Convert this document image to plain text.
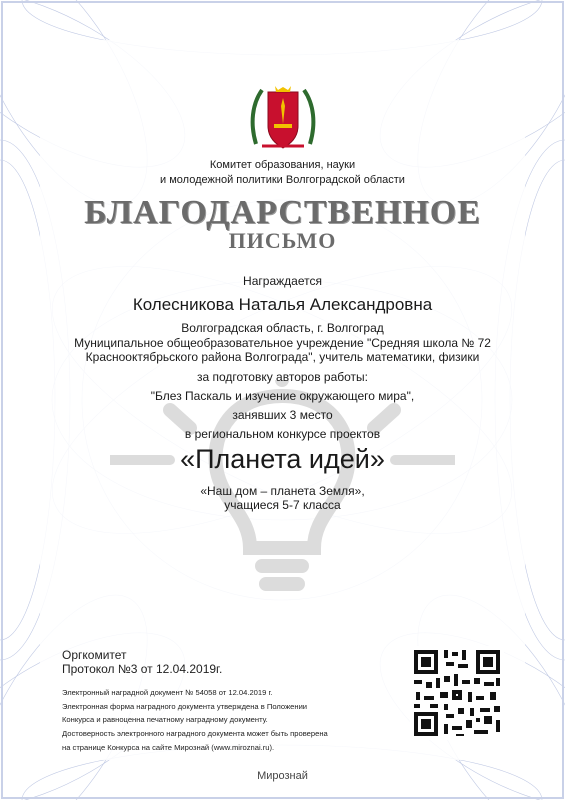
Комитет образования, науки
и молодежной политики Волгоградской области
БЛАГОДАРСТВЕННОЕ
ПИСЬМО
Награждается
Колесникова Наталья Александровна
Волгоградская область, г. Волгоград
Муниципальное общеобразовательное учреждение "Средняя школа № 72
Краснооктябрьского района Волгограда", учитель математики, физики
за подготовку авторов работы:
"Блез Паскаль и изучение окружающего мира",
занявших 3 место
в региональном конкурсе проектов
«Планета идей»
«Наш дом – планета Земля»,
учащиеся 5-7 класса
Оргкомитет
Протокол №3 от 12.04.2019г.
Электронный наградной документ № 54058 от 12.04.2019 г.
Электронная форма наградного документа утверждена в Положении
Конкурса и равноценна печатному наградному документу.
Достоверность электронного наградного документа может быть проверена
на странице Конкурса на сайте Мирознай (www.miroznai.ru).
Мирознай
